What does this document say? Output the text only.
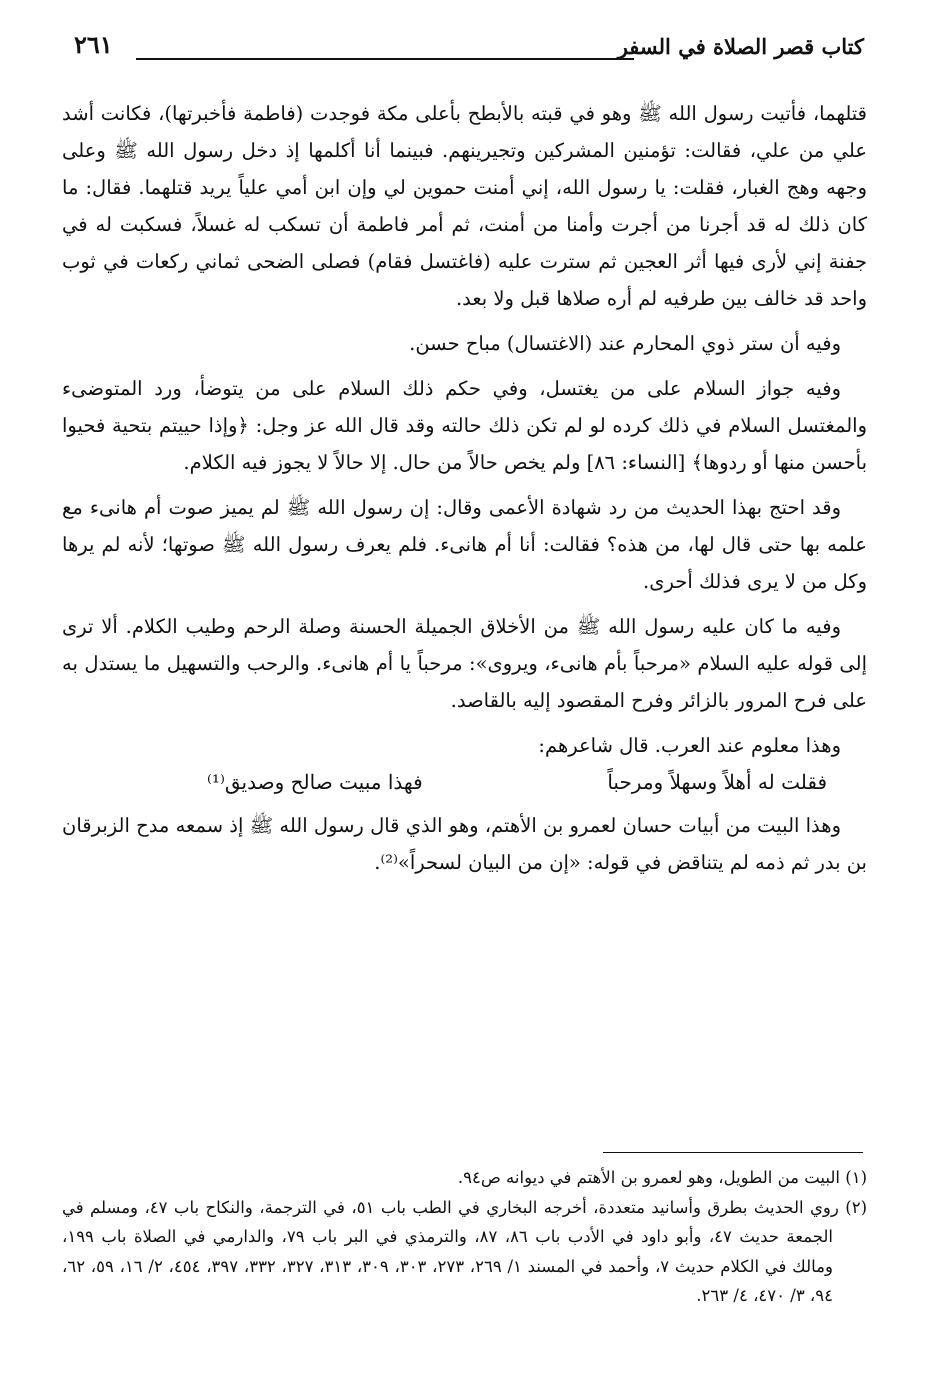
كتاب قصر الصلاة في السفر
٢٦١

قتلهما، فأتيت رسول الله ﷺ وهو في قبته بالأبطح بأعلى مكة فوجدت (فاطمة فأخبرتها)، فكانت أشد علي من علي، فقالت: تؤمنين المشركين وتجيرينهم. فبينما أنا أكلمها إذ دخل رسول الله ﷺ وعلى وجهه وهج الغبار، فقلت: يا رسول الله، إني أمنت حموين لي وإن ابن أمي علياً يريد قتلهما. فقال: ما كان ذلك له قد أجرنا من أجرت وأمنا من أمنت، ثم أمر فاطمة أن تسكب له غسلاً، فسكبت له في جفنة إني لأرى فيها أثر العجين ثم سترت عليه (فاغتسل فقام) فصلى الضحى ثماني ركعات في ثوب واحد قد خالف بين طرفيه لم أره صلاها قبل ولا بعد.

وفيه أن ستر ذوي المحارم عند (الاغتسال) مباح حسن.

وفيه جواز السلام على من يغتسل، وفي حكم ذلك السلام على من يتوضأ، ورد المتوضىء والمغتسل السلام في ذلك كرده لو لم تكن ذلك حالته وقد قال الله عز وجل: ﴿وإذا حييتم بتحية فحيوا بأحسن منها أو ردوها﴾ [النساء: ٨٦] ولم يخص حالاً من حال. إلا حالاً لا يجوز فيه الكلام.

وقد احتج بهذا الحديث من رد شهادة الأعمى وقال: إن رسول الله ﷺ لم يميز صوت أم هانىء مع علمه بها حتى قال لها، من هذه؟ فقالت: أنا أم هانىء. فلم يعرف رسول الله ﷺ صوتها؛ لأنه لم يرها وكل من لا يرى فذلك أحرى.

وفيه ما كان عليه رسول الله ﷺ من الأخلاق الجميلة الحسنة وصلة الرحم وطيب الكلام. ألا ترى إلى قوله عليه السلام «مرحباً بأم هانىء، ويروى»: مرحباً يا أم هانىء. والرحب والتسهيل ما يستدل به على فرح المرور بالزائر وفرح المقصود إليه بالقاصد.

وهذا معلوم عند العرب. قال شاعرهم:

فقلت له أهلاً وسهلاً ومرحباً
فهذا مبيت صالح وصديق⁽¹⁾

وهذا البيت من أبيات حسان لعمرو بن الأهتم، وهو الذي قال رسول الله ﷺ إذ سمعه مدح الزبرقان بن بدر ثم ذمه لم يتناقض في قوله: «إن من البيان لسحراً»⁽²⁾.

(١) البيت من الطويل، وهو لعمرو بن الأهتم في ديوانه ص٩٤.

(٢) روي الحديث بطرق وأسانيد متعددة، أخرجه البخاري في الطب باب ٥١، في الترجمة، والنكاح باب ٤٧، ومسلم في الجمعة حديث ٤٧، وأبو داود في الأدب باب ٨٦، ٨٧، والترمذي في البر باب ٧٩، والدارمي في الصلاة باب ١٩٩، ومالك في الكلام حديث ٧، وأحمد في المسند ١/ ٢٦٩، ٢٧٣، ٣٠٣، ٣٠٩، ٣١٣، ٣٢٧، ٣٣٢، ٣٩٧، ٤٥٤، ٢/ ١٦، ٥٩، ٦٢، ٩٤، ٣/ ٤٧٠، ٤/ ٢٦٣.
